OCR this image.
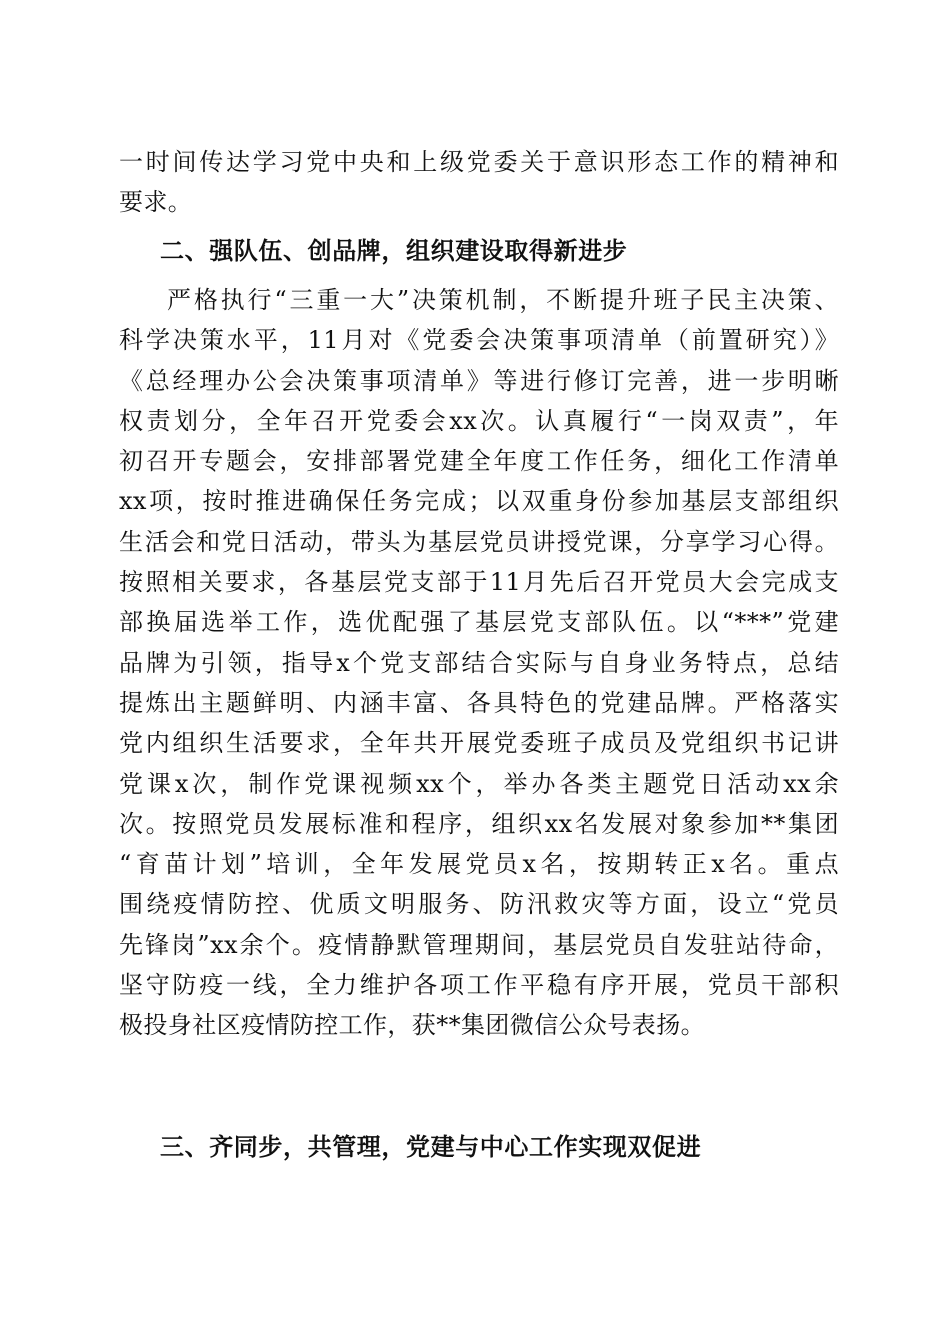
一时间传达学习党中央和上级党委关于意识形态工作的精神和
要求。
二、强队伍、创品牌，组织建设取得新进步
严格执行“三重一大”决策机制，不断提升班子民主决策、
科学决策水平，11月对《党委会决策事项清单（前置研究）》
《总经理办公会决策事项清单》等进行修订完善，进一步明晰
权责划分，全年召开党委会xx次。认真履行“一岗双责”，年
初召开专题会，安排部署党建全年度工作任务，细化工作清单
xx项，按时推进确保任务完成；以双重身份参加基层支部组织
生活会和党日活动，带头为基层党员讲授党课，分享学习心得。
按照相关要求，各基层党支部于11月先后召开党员大会完成支
部换届选举工作，选优配强了基层党支部队伍。以“***”党建
品牌为引领，指导x个党支部结合实际与自身业务特点，总结
提炼出主题鲜明、内涵丰富、各具特色的党建品牌。严格落实
党内组织生活要求，全年共开展党委班子成员及党组织书记讲
党课x次，制作党课视频xx个，举办各类主题党日活动xx余
次。按照党员发展标准和程序，组织xx名发展对象参加**集团
“育苗计划”培训，全年发展党员x名，按期转正x名。重点
围绕疫情防控、优质文明服务、防汛救灾等方面，设立“党员
先锋岗”xx余个。疫情静默管理期间，基层党员自发驻站待命，
坚守防疫一线，全力维护各项工作平稳有序开展，党员干部积
极投身社区疫情防控工作，获**集团微信公众号表扬。
三、齐同步，共管理，党建与中心工作实现双促进
